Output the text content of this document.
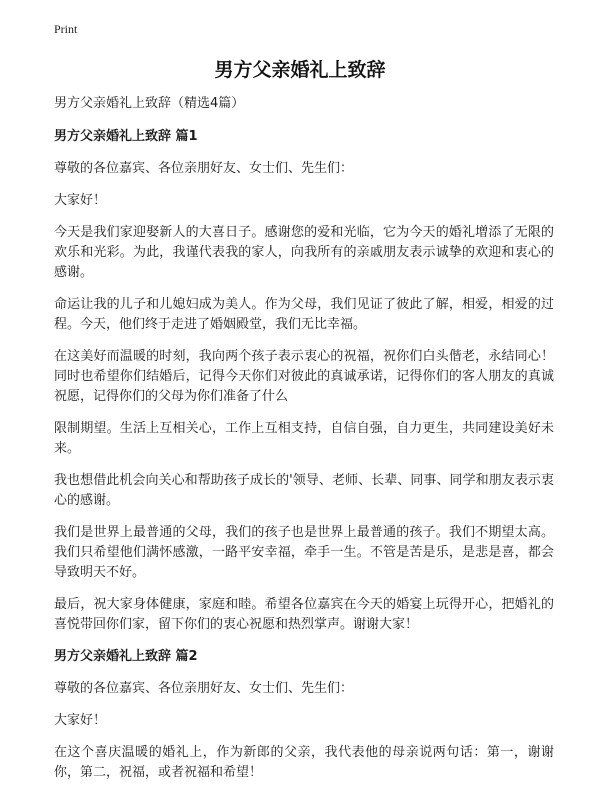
Print
男方父亲婚礼上致辞

男方父亲婚礼上致辞（精选4篇）

男方父亲婚礼上致辞 篇1

尊敬的各位嘉宾、各位亲朋好友、女士们、先生们：

大家好！

今天是我们家迎娶新人的大喜日子。感谢您的爱和光临，它为今天的婚礼增添了无限的欢乐和光彩。为此，我谨代表我的家人，向我所有的亲戚朋友表示诚挚的欢迎和衷心的感谢。

命运让我的儿子和儿媳妇成为美人。作为父母，我们见证了彼此了解，相爱，相爱的过程。今天，他们终于走进了婚姻殿堂，我们无比幸福。

在这美好而温暖的时刻，我向两个孩子表示衷心的祝福，祝你们白头偕老，永结同心！同时也希望你们结婚后，记得今天你们对彼此的真诚承诺，记得你们的客人朋友的真诚祝愿，记得你们的父母为你们准备了什么

限制期望。生活上互相关心，工作上互相支持，自信自强，自力更生，共同建设美好未来。

我也想借此机会向关心和帮助孩子成长的'领导、老师、长辈、同事、同学和朋友表示衷心的感谢。

我们是世界上最普通的父母，我们的孩子也是世界上最普通的孩子。我们不期望太高。我们只希望他们满怀感激，一路平安幸福，牵手一生。不管是苦是乐，是悲是喜，都会导致明天不好。

最后，祝大家身体健康，家庭和睦。希望各位嘉宾在今天的婚宴上玩得开心，把婚礼的喜悦带回你们家，留下你们的衷心祝愿和热烈掌声。谢谢大家！

男方父亲婚礼上致辞 篇2

尊敬的各位嘉宾、各位亲朋好友、女士们、先生们：

大家好！

在这个喜庆温暖的婚礼上，作为新郎的父亲，我代表他的母亲说两句话：第一，谢谢你，第二，祝福，或者祝福和希望！
